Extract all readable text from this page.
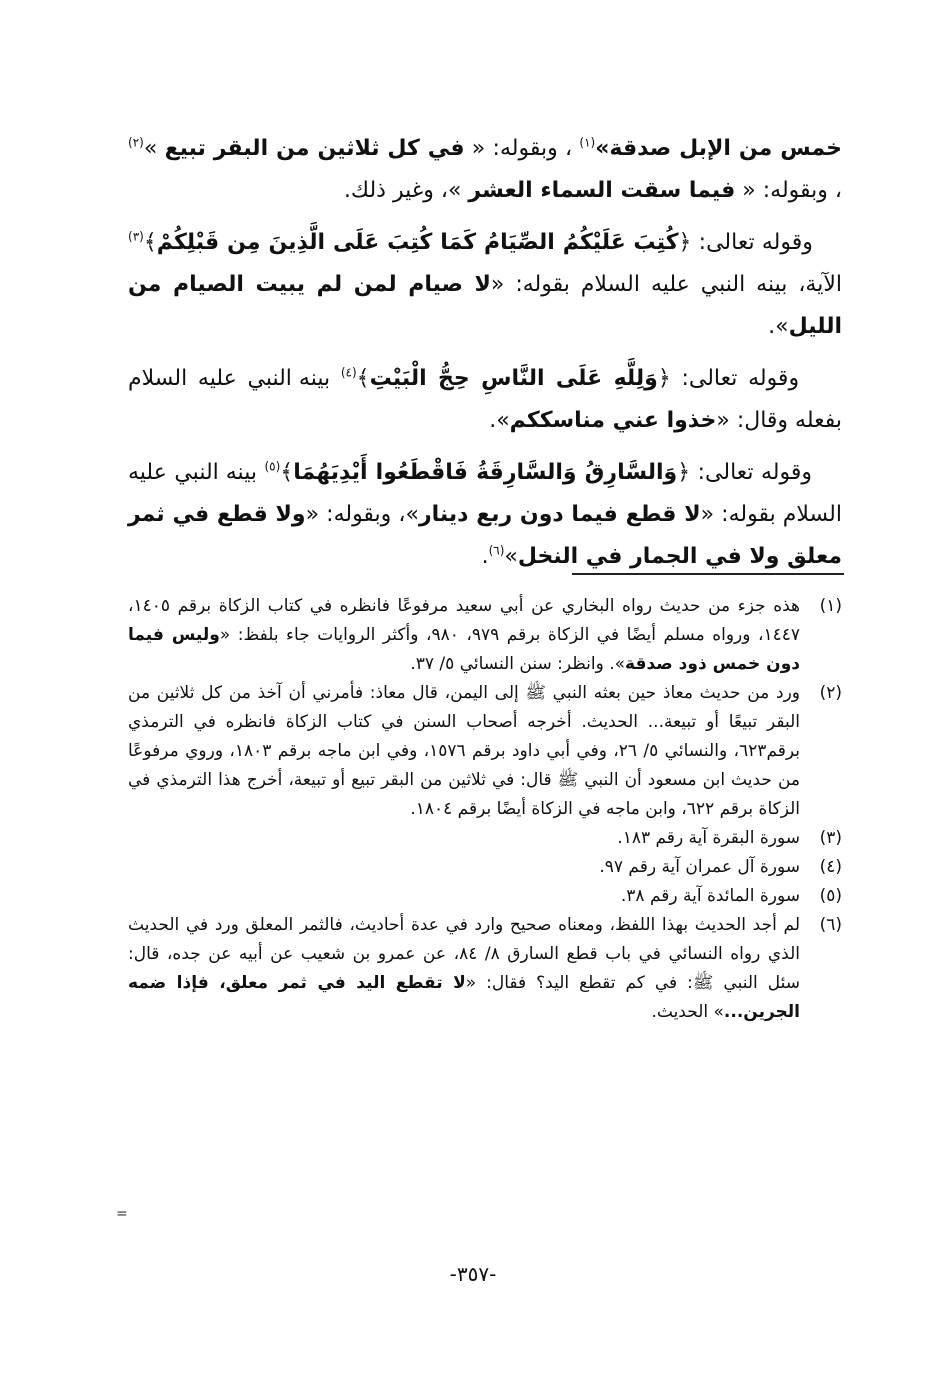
خمس من الإبل صدقة»$^{(١)}$ ، وبقوله: « في كل ثلاثين من البقر تبيع »$^{(٢)}$ ، وبقوله: « فيما سقت السماء العشر »، وغير ذلك.

وقوله تعالى: ﴿كُتِبَ عَلَيْكُمُ الصِّيَامُ كَمَا كُتِبَ عَلَى الَّذِينَ مِن قَبْلِكُمْ﴾$^{(٣)}$ الآية، بينه النبي عليه السلام بقوله: «لا صيام لمن لم يبيت الصيام من الليل».

وقوله تعالى: ﴿وَلِلَّهِ عَلَى النَّاسِ حِجُّ الْبَيْتِ﴾$^{(٤)}$ بينه النبي عليه السلام بفعله وقال: «خذوا عني مناسككم».

وقوله تعالى: ﴿وَالسَّارِقُ وَالسَّارِقَةُ فَاقْطَعُوا أَيْدِيَهُمَا﴾$^{(٥)}$ بينه النبي عليه السلام بقوله: «لا قطع فيما دون ربع دينار»، وبقوله: «ولا قطع في ثمر معلق ولا في الجمار في النخل»$^{(٦)}$.

(١)
هذه جزء من حديث رواه البخاري عن أبي سعيد مرفوعًا فانظره في كتاب الزكاة برقم ١٤٠٥، ١٤٤٧، ورواه مسلم أيضًا في الزكاة برقم ٩٧٩، ٩٨٠، وأكثر الروايات جاء بلفظ: «وليس فيما دون خمس ذود صدقة». وانظر: سنن النسائي ٥/ ٣٧.
(٢)
ورد من حديث معاذ حين بعثه النبي ﷺ إلى اليمن، قال معاذ: فأمرني أن آخذ من كل ثلاثين من البقر تبيعًا أو تبيعة... الحديث. أخرجه أصحاب السنن في كتاب الزكاة فانظره في الترمذي برقم٦٢٣، والنسائي ٥/ ٢٦، وفي أبي داود برقم ١٥٧٦، وفي ابن ماجه برقم ١٨٠٣، وروي مرفوعًا من حديث ابن مسعود أن النبي ﷺ قال: في ثلاثين من البقر تبيع أو تبيعة، أخرج هذا الترمذي في الزكاة برقم ٦٢٢، وابن ماجه في الزكاة أيضًا برقم ١٨٠٤.
(٣)
سورة البقرة آية رقم ١٨٣.
(٤)
سورة آل عمران آية رقم ٩٧.
(٥)
سورة المائدة آية رقم ٣٨.
(٦)
لم أجد الحديث بهذا اللفظ، ومعناه صحيح وارد في عدة أحاديث، فالثمر المعلق ورد في الحديث الذي رواه النسائي في باب قطع السارق ٨/ ٨٤، عن عمرو بن شعيب عن أبيه عن جده، قال: سئل النبي ﷺ: في كم تقطع اليد؟ فقال: «لا تقطع اليد في ثمر معلق، فإذا ضمه الجرين...» الحديث.
=
-٣٥٧-
